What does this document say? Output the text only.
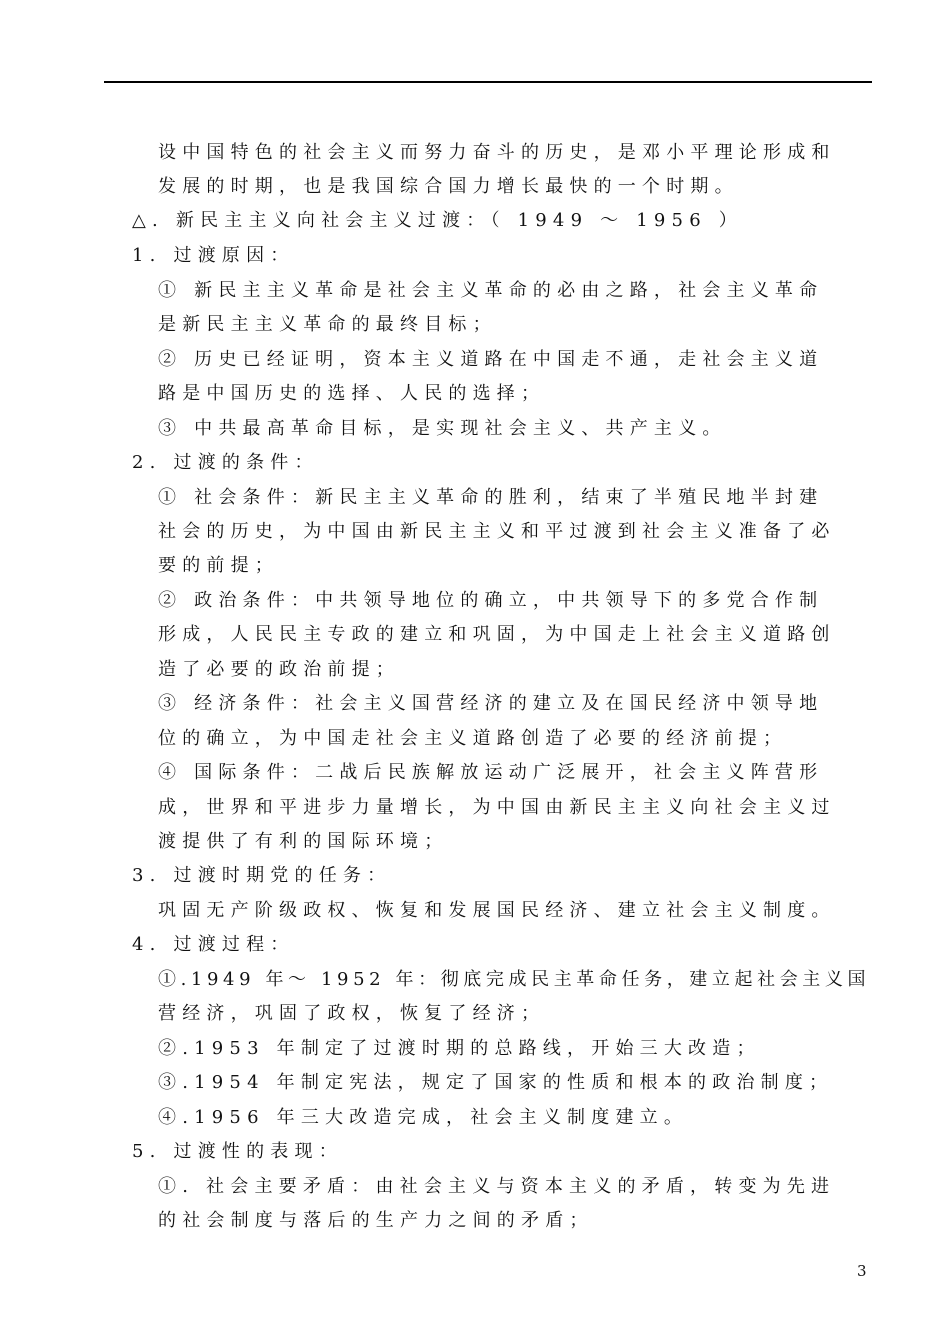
设中国特色的社会主义而努力奋斗的历史，是邓小平理论形成和
发展的时期，也是我国综合国力增长最快的一个时期。
△. 新民主主义向社会主义过渡：（ 1949 ～ 1956 ）
1. 过渡原因：
① 新民主主义革命是社会主义革命的必由之路，社会主义革命
是新民主主义革命的最终目标；
② 历史已经证明，资本主义道路在中国走不通，走社会主义道
路是中国历史的选择、人民的选择；
③ 中共最高革命目标，是实现社会主义、共产主义。
2. 过渡的条件：
① 社会条件：新民主主义革命的胜利，结束了半殖民地半封建
社会的历史，为中国由新民主主义和平过渡到社会主义准备了必
要的前提；
② 政治条件：中共领导地位的确立，中共领导下的多党合作制
形成，人民民主专政的建立和巩固，为中国走上社会主义道路创
造了必要的政治前提；
③ 经济条件：社会主义国营经济的建立及在国民经济中领导地
位的确立，为中国走社会主义道路创造了必要的经济前提；
④ 国际条件：二战后民族解放运动广泛展开，社会主义阵营形
成，世界和平进步力量增长，为中国由新民主主义向社会主义过
渡提供了有利的国际环境；
3. 过渡时期党的任务：
巩固无产阶级政权、恢复和发展国民经济、建立社会主义制度。
4. 过渡过程：
①.1949 年～ 1952 年：彻底完成民主革命任务，建立起社会主义国
营经济，巩固了政权，恢复了经济；
②.1953 年制定了过渡时期的总路线，开始三大改造；
③.1954 年制定宪法，规定了国家的性质和根本的政治制度；
④.1956 年三大改造完成，社会主义制度建立。
5. 过渡性的表现：
①. 社会主要矛盾：由社会主义与资本主义的矛盾，转变为先进
的社会制度与落后的生产力之间的矛盾；
3
